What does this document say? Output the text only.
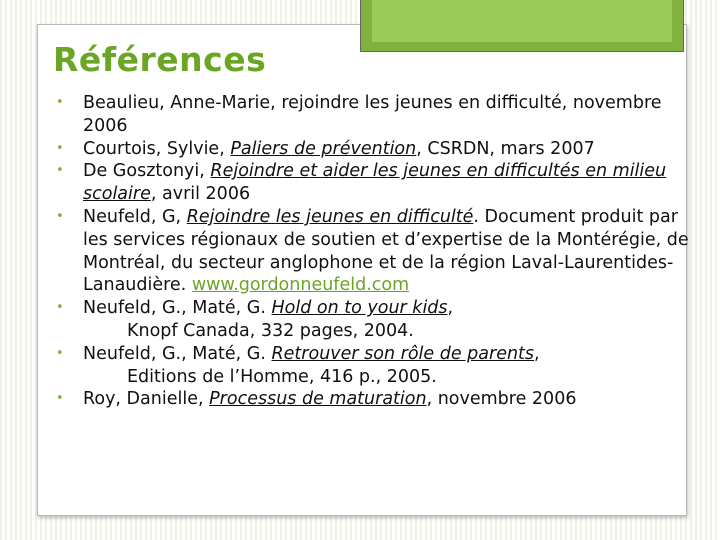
Références
• Beaulieu, Anne-Marie, rejoindre les jeunes en difficulté, novembre 2006
• Courtois, Sylvie, Paliers de prévention, CSRDN, mars 2007
• De Gosztonyi, Rejoindre et aider les jeunes en difficultés en milieu scolaire, avril 2006
• Neufeld, G, Rejoindre les jeunes en difficulté. Document produit par les services régionaux de soutien et d’expertise de la Montérégie, de Montréal, du secteur anglophone et de la région Laval-Laurentides-Lanaudière. www.gordonneufeld.com
• Neufeld, G., Maté, G. Hold on to your kids,
Knopf Canada, 332 pages, 2004.
• Neufeld, G., Maté, G. Retrouver son rôle de parents,
Editions de l’Homme, 416 p., 2005.
• Roy, Danielle, Processus de maturation, novembre 2006
